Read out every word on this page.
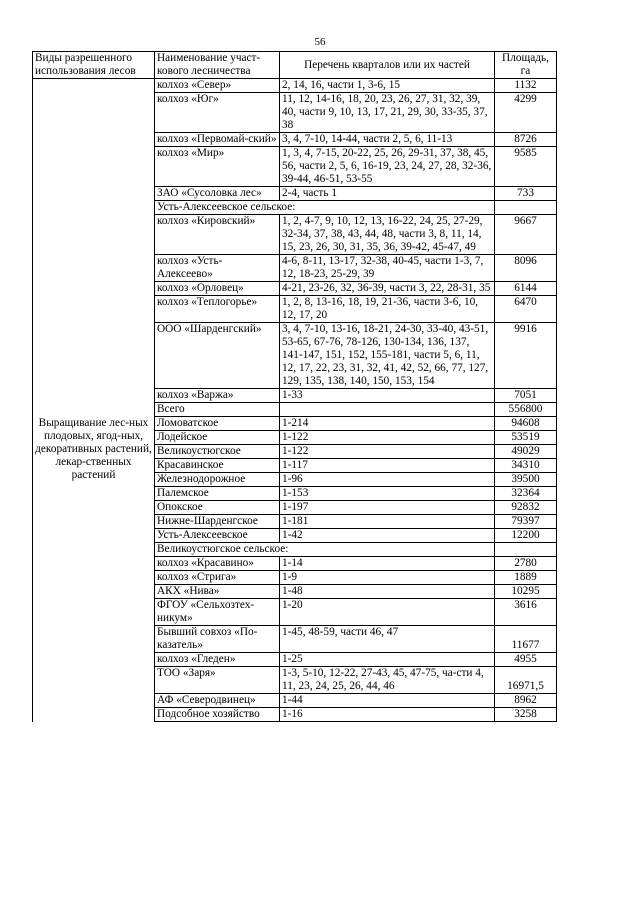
56
Виды разрешенного использования лесов	Наименование участ-кового лесничества	Перечень кварталов или их частей	Площадь, га
	колхоз «Север»	2, 14, 16, части 1, 3-6, 15	1132
	колхоз «Юг»	11, 12, 14-16, 18, 20, 23, 26, 27, 31, 32, 39, 40, части 9, 10, 13, 17, 21, 29, 30, 33-35, 37, 38	4299
	колхоз «Первомай-ский»	3, 4, 7-10, 14-44, части 2, 5, 6, 11-13	8726
	колхоз «Мир»	1, 3, 4, 7-15, 20-22, 25, 26, 29-31, 37, 38, 45, 56, части 2, 5, 6, 16-19, 23, 24, 27, 28, 32-36, 39-44, 46-51, 53-55	9585
	ЗАО «Сусоловка лес»	2-4, часть 1	733
	Усть-Алексеевское сельское:		
	колхоз «Кировский»	1, 2, 4-7, 9, 10, 12, 13, 16-22, 24, 25, 27-29, 32-34, 37, 38, 43, 44, 48, части 3, 8, 11, 14, 15, 23, 26, 30, 31, 35, 36, 39-42, 45-47, 49	9667
	колхоз «Усть-Алексеево»	4-6, 8-11, 13-17, 32-38, 40-45, части 1-3, 7, 12, 18-23, 25-29, 39	8096
	колхоз «Орловец»	4-21, 23-26, 32, 36-39, части 3, 22, 28-31, 35	6144
	колхоз «Теплогорье»	1, 2, 8, 13-16, 18, 19, 21-36, части 3-6, 10, 12, 17, 20	6470
	ООО «Шарденгский»	3, 4, 7-10, 13-16, 18-21, 24-30, 33-40, 43-51, 53-65, 67-76, 78-126, 130-134, 136, 137, 141-147, 151, 152, 155-181, части 5, 6, 11, 12, 17, 22, 23, 31, 32, 41, 42, 52, 66, 77, 127, 129, 135, 138, 140, 150, 153, 154	9916
	колхоз «Варжа»	1-33	7051
	Всего		556800
Выращивание лес-ных плодовых, ягод-ных, декоративных растений, лекар-ственных растений	Ломоватское	1-214	94608
	Лодейское	1-122	53519
	Великоустюгское	1-122	49029
	Красавинское	1-117	34310
	Железнодорожное	1-96	39500
	Палемское	1-153	32364
	Опокское	1-197	92832
	Нижне-Шарденгское	1-181	79397
	Усть-Алексеевское	1-42	12200
	Великоустюгское сельское:		
	колхоз «Красавино»	1-14	2780
	колхоз «Стрига»	1-9	1889
	АКХ «Нива»	1-48	10295
	ФГОУ «Сельхозтех-никум»	1-20	3616
	Бывший совхоз «По-казатель»	1-45, 48-59, части 46, 47	11677
	колхоз «Гледен»	1-25	4955
	ТОО «Заря»	1-3, 5-10, 12-22, 27-43, 45, 47-75, ча-сти 4, 11, 23, 24, 25, 26, 44, 46	16971,5
	АФ «Северодвинец»	1-44	8962
	Подсобное хозяйство	1-16	3258
